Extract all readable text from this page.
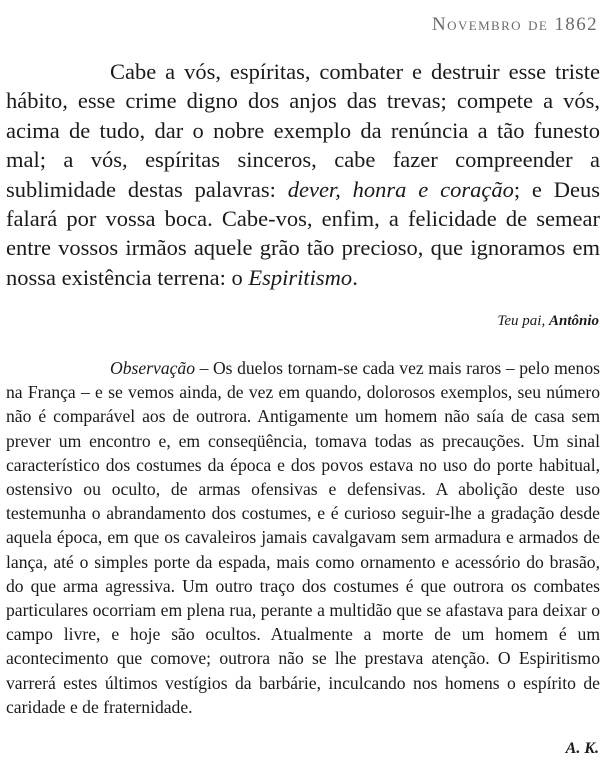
Novembro de 1862

Cabe a vós, espíritas, combater e destruir esse triste hábito, esse crime digno dos anjos das trevas; compete a vós, acima de tudo, dar o nobre exemplo da renúncia a tão funesto mal; a vós, espíritas sinceros, cabe fazer compreender a sublimidade destas palavras: dever, honra e coração; e Deus falará por vossa boca. Cabe-vos, enfim, a felicidade de semear entre vossos irmãos aquele grão tão precioso, que ignoramos em nossa existência terrena: o Espiritismo.

Teu pai, Antônio

Observação – Os duelos tornam-se cada vez mais raros – pelo menos na França – e se vemos ainda, de vez em quando, dolorosos exemplos, seu número não é comparável aos de outrora. Antigamente um homem não saía de casa sem prever um encontro e, em conseqüência, tomava todas as precauções. Um sinal característico dos costumes da época e dos povos estava no uso do porte habitual, ostensivo ou oculto, de armas ofensivas e defensivas. A abolição deste uso testemunha o abrandamento dos costumes, e é curioso seguir-lhe a gradação desde aquela época, em que os cavaleiros jamais cavalgavam sem armadura e armados de lança, até o simples porte da espada, mais como ornamento e acessório do brasão, do que arma agressiva. Um outro traço dos costumes é que outrora os combates particulares ocorriam em plena rua, perante a multidão que se afastava para deixar o campo livre, e hoje são ocultos. Atualmente a morte de um homem é um acontecimento que comove; outrora não se lhe prestava atenção. O Espiritismo varrerá estes últimos vestígios da barbárie, inculcando nos homens o espírito de caridade e de fraternidade.

A. K.
